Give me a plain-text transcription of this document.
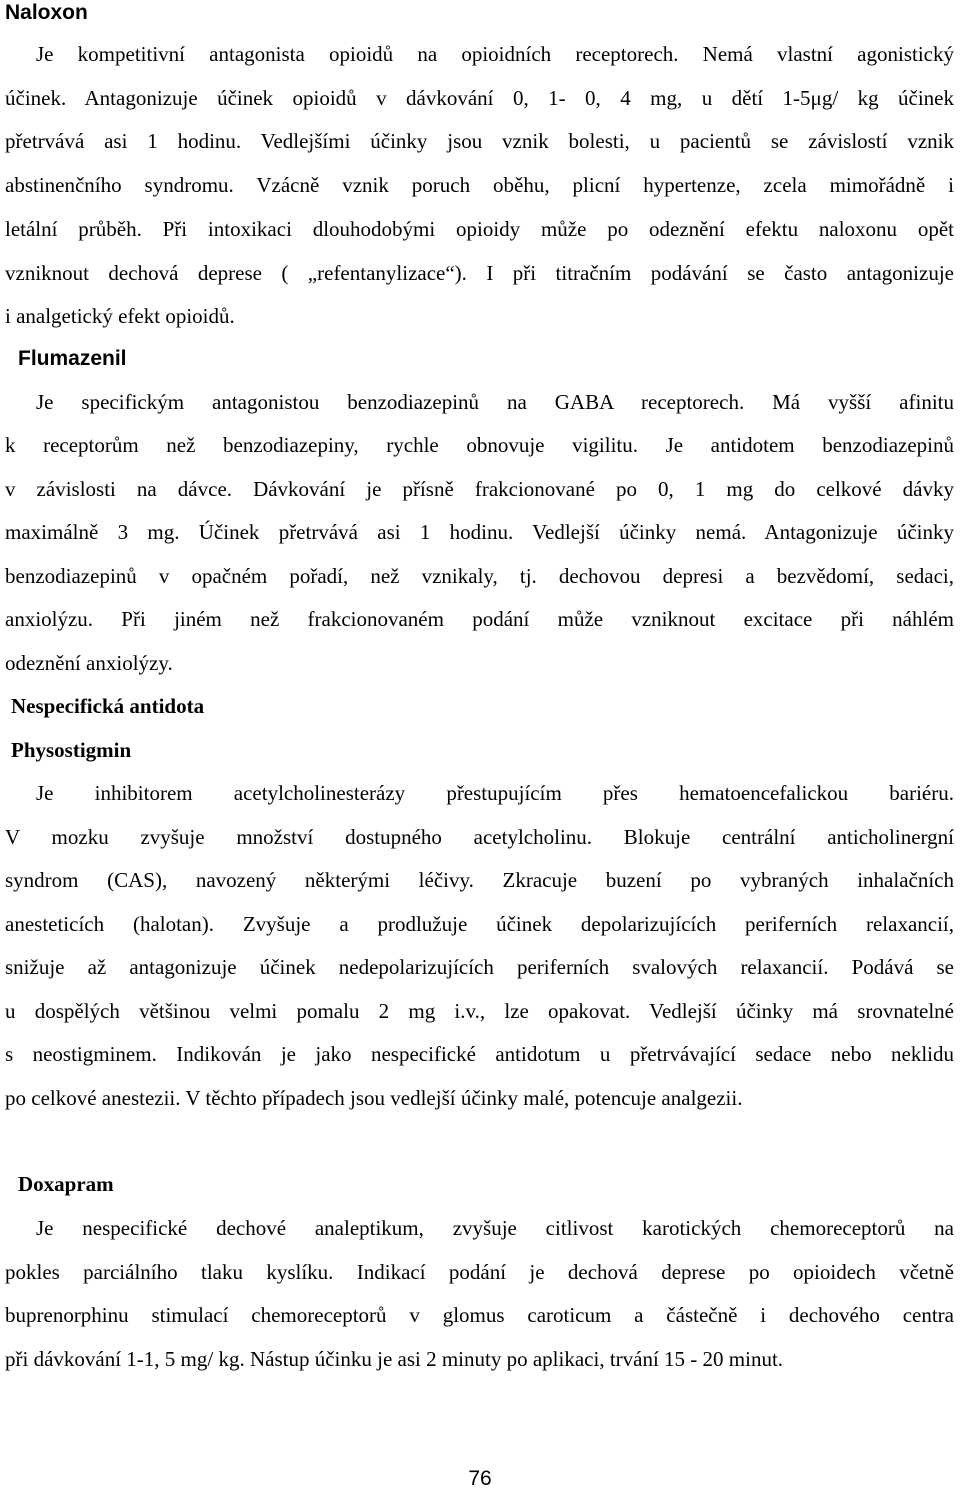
Naloxon
Je kompetitivní antagonista opioidů na opioidních receptorech. Nemá vlastní agonistický
účinek. Antagonizuje účinek opioidů v dávkování 0, 1- 0, 4 mg, u dětí 1-5μg/ kg účinek
přetrvává asi 1 hodinu. Vedlejšími účinky jsou vznik bolesti, u pacientů se závislostí vznik
abstinenčního syndromu. Vzácně vznik poruch oběhu, plicní hypertenze, zcela mimořádně i
letální průběh. Při intoxikaci dlouhodobými opioidy může po odeznění efektu naloxonu opět
vzniknout dechová deprese ( „refentanylizace“). I při titračním podávání se často antagonizuje
i analgetický efekt opioidů.
Flumazenil
Je specifickým antagonistou benzodiazepinů na GABA receptorech. Má vyšší afinitu
k receptorům než benzodiazepiny, rychle obnovuje vigilitu. Je antidotem benzodiazepinů
v závislosti na dávce. Dávkování je přísně frakcionované po 0, 1 mg do celkové dávky
maximálně 3 mg. Účinek přetrvává asi 1 hodinu. Vedlejší účinky nemá. Antagonizuje účinky
benzodiazepinů v opačném pořadí, než vznikaly, tj. dechovou depresi a bezvědomí, sedaci,
anxiolýzu. Při jiném než frakcionovaném podání může vzniknout excitace při náhlém
odeznění anxiolýzy.
Nespecifická antidota
Physostigmin
Je inhibitorem acetylcholinesterázy přestupujícím přes hematoencefalickou bariéru.
V mozku zvyšuje množství dostupného acetylcholinu. Blokuje centrální anticholinergní
syndrom (CAS), navozený některými léčivy. Zkracuje buzení po vybraných inhalačních
anesteticích (halotan). Zvyšuje a prodlužuje účinek depolarizujících periferních relaxancií,
snižuje až antagonizuje účinek nedepolarizujících periferních svalových relaxancií. Podává se
u dospělých většinou velmi pomalu 2 mg i.v., lze opakovat. Vedlejší účinky má srovnatelné
s neostigminem. Indikován je jako nespecifické antidotum u přetrvávající sedace nebo neklidu
po celkové anestezii. V těchto případech jsou vedlejší účinky malé, potencuje analgezii.
Doxapram
Je nespecifické dechové analeptikum, zvyšuje citlivost karotických chemoreceptorů na
pokles parciálního tlaku kyslíku. Indikací podání je dechová deprese po opioidech včetně
buprenorphinu stimulací chemoreceptorů v glomus caroticum a částečně i dechového centra
při dávkování 1-1, 5 mg/ kg. Nástup účinku je asi 2 minuty po aplikaci, trvání 15 - 20 minut.
76
